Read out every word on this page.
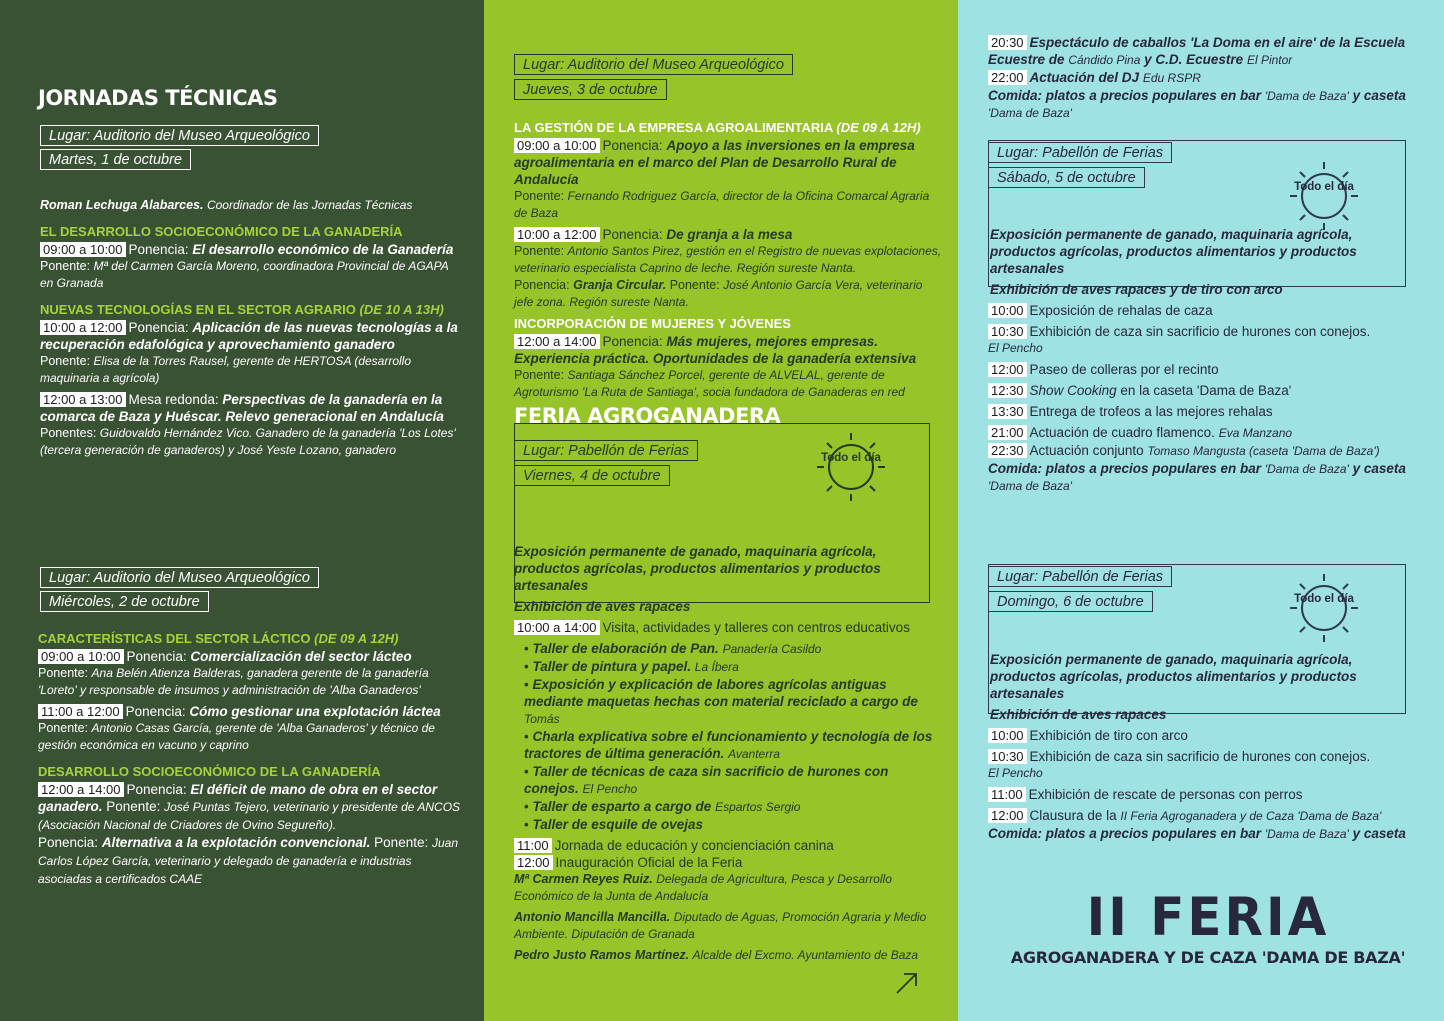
JORNADAS TÉCNICAS
Lugar: Auditorio del Museo Arqueológico
Martes, 1 de octubre

Roman Lechuga Alabarces. Coordinador de las Jornadas Técnicas

EL DESARROLLO SOCIOECONÓMICO DE LA GANADERÍA

09:00 a 10:00 Ponencia: El desarrollo económico de la Ganadería

Ponente: Mª del Carmen García Moreno, coordinadora Provincial de AGAPA en Granada

NUEVAS TECNOLOGÍAS EN EL SECTOR AGRARIO (DE 10 A 13H)

10:00 a 12:00 Ponencia: Aplicación de las nuevas tecnologías a la recuperación edafológica y aprovechamiento ganadero

Ponente: Elisa de la Torres Rausel, gerente de HERTOSA (desarrollo maquinaria a agrícola)

12:00 a 13:00 Mesa redonda: Perspectivas de la ganadería en la comarca de Baza y Huéscar. Relevo generacional en Andalucía

Ponentes: Guidovaldo Hernández Vico. Ganadero de la ganadería 'Los Lotes' (tercera generación de ganaderos) y José Yeste Lozano, ganadero

Lugar: Auditorio del Museo Arqueológico
Miércoles, 2 de octubre

CARACTERÍSTICAS DEL SECTOR LÁCTICO (DE 09 A 12H)

09:00 a 10:00 Ponencia: Comercialización del sector lácteo

Ponente: Ana Belén Atienza Balderas, ganadera gerente de la ganadería 'Loreto' y responsable de insumos y administración de 'Alba Ganaderos'

11:00 a 12:00 Ponencia: Cómo gestionar una explotación láctea

Ponente: Antonio Casas García, gerente de 'Alba Ganaderos' y técnico de gestión económica en vacuno y caprino

DESARROLLO SOCIOECONÓMICO DE LA GANADERÍA

12:00 a 14:00 Ponencia: El déficit de mano de obra en el sector ganadero. Ponente: José Puntas Tejero, veterinario y presidente de ANCOS (Asociación Nacional de Criadores de Ovino Segureño).

Ponencia: Alternativa a la explotación convencional. Ponente: Juan Carlos López García, veterinario y delegado de ganadería e industrias asociadas a certificados CAAE

Lugar: Auditorio del Museo Arqueológico
Jueves, 3 de octubre

LA GESTIÓN DE LA EMPRESA AGROALIMENTARIA (DE 09 A 12H)

09:00 a 10:00 Ponencia: Apoyo a las inversiones en la empresa agroalimentaria en el marco del Plan de Desarrollo Rural de Andalucía

Ponente: Fernando Rodriguez García, director de la Oficina Comarcal Agraria de Baza

10:00 a 12:00 Ponencia: De granja a la mesa

Ponente: Antonio Santos Pirez, gestión en el Registro de nuevas explotaciones, veterinario especialista Caprino de leche. Región sureste Nanta.

Ponencia: Granja Circular. Ponente: José Antonio García Vera, veterinario jefe zona. Región sureste Nanta.

INCORPORACIÓN DE MUJERES Y JÓVENES

12:00 a 14:00 Ponencia: Más mujeres, mejores empresas. Experiencia práctica. Oportunidades de la ganadería extensiva

Ponente: Santiaga Sánchez Porcel, gerente de ALVELAL, gerente de Agroturismo 'La Ruta de Santiaga', socia fundadora de Ganaderas en red

FERIA AGROGANADERA
Lugar: Pabellón de Ferias
Viernes, 4 de octubre
Todo el día

Exposición permanente de ganado, maquinaria agrícola, productos agrícolas, productos alimentarios y productos artesanales

Exhibición de aves rapaces

10:00 a 14:00 Visita, actividades y talleres con centros educativos

• Taller de elaboración de Pan. Panadería Casildo

• Taller de pintura y papel. La Íbera

• Exposición y explicación de labores agrícolas antiguas mediante maquetas hechas con material reciclado a cargo de Tomás

• Charla explicativa sobre el funcionamiento y tecnología de los tractores de última generación. Avanterra

• Taller de técnicas de caza sin sacrificio de hurones con conejos. El Pencho

• Taller de esparto a cargo de Espartos Sergio

• Taller de esquile de ovejas

11:00 Jornada de educación y concienciación canina

12:00 Inauguración Oficial de la Feria

Mª Carmen Reyes Ruiz. Delegada de Agricultura, Pesca y Desarrollo Económico de la Junta de Andalucía

Antonio Mancilla Mancilla. Diputado de Aguas, Promoción Agraria y Medio Ambiente. Diputación de Granada

Pedro Justo Ramos Martínez. Alcalde del Excmo. Ayuntamiento de Baza

20:30 Espectáculo de caballos 'La Doma en el aire' de la Escuela Ecuestre de Cándido Pina y C.D. Ecuestre El Pintor

22:00 Actuación del DJ Edu RSPR

Comida: platos a precios populares en bar 'Dama de Baza' y caseta

'Dama de Baza'

Lugar: Pabellón de Ferias
Sábado, 5 de octubre
Todo el día

Exposición permanente de ganado, maquinaria agrícola, productos agrícolas, productos alimentarios y productos artesanales

Exhibición de aves rapaces y de tiro con arco

10:00 Exposición de rehalas de caza

10:30 Exhibición de caza sin sacrificio de hurones con conejos.

El Pencho

12:00 Paseo de colleras por el recinto

12:30 Show Cooking en la caseta 'Dama de Baza'

13:30 Entrega de trofeos a las mejores rehalas

21:00 Actuación de cuadro flamenco. Eva Manzano

22:30 Actuación conjunto Tomaso Mangusta (caseta 'Dama de Baza')

Comida: platos a precios populares en bar 'Dama de Baza' y caseta

'Dama de Baza'

Lugar: Pabellón de Ferias
Domingo, 6 de octubre	Todo el día

Exposición permanente de ganado, maquinaria agrícola, productos agrícolas, productos alimentarios y productos artesanales

Exhibición de aves rapaces

10:00 Exhibición de tiro con arco

10:30 Exhibición de caza sin sacrificio de hurones con conejos.

El Pencho

11:00 Exhibición de rescate de personas con perros

12:00 Clausura de la II Feria Agroganadera y de Caza 'Dama de Baza'

Comida: platos a precios populares en bar 'Dama de Baza' y caseta

II FERIA
AGROGANADERA Y DE CAZA 'DAMA DE BAZA'
